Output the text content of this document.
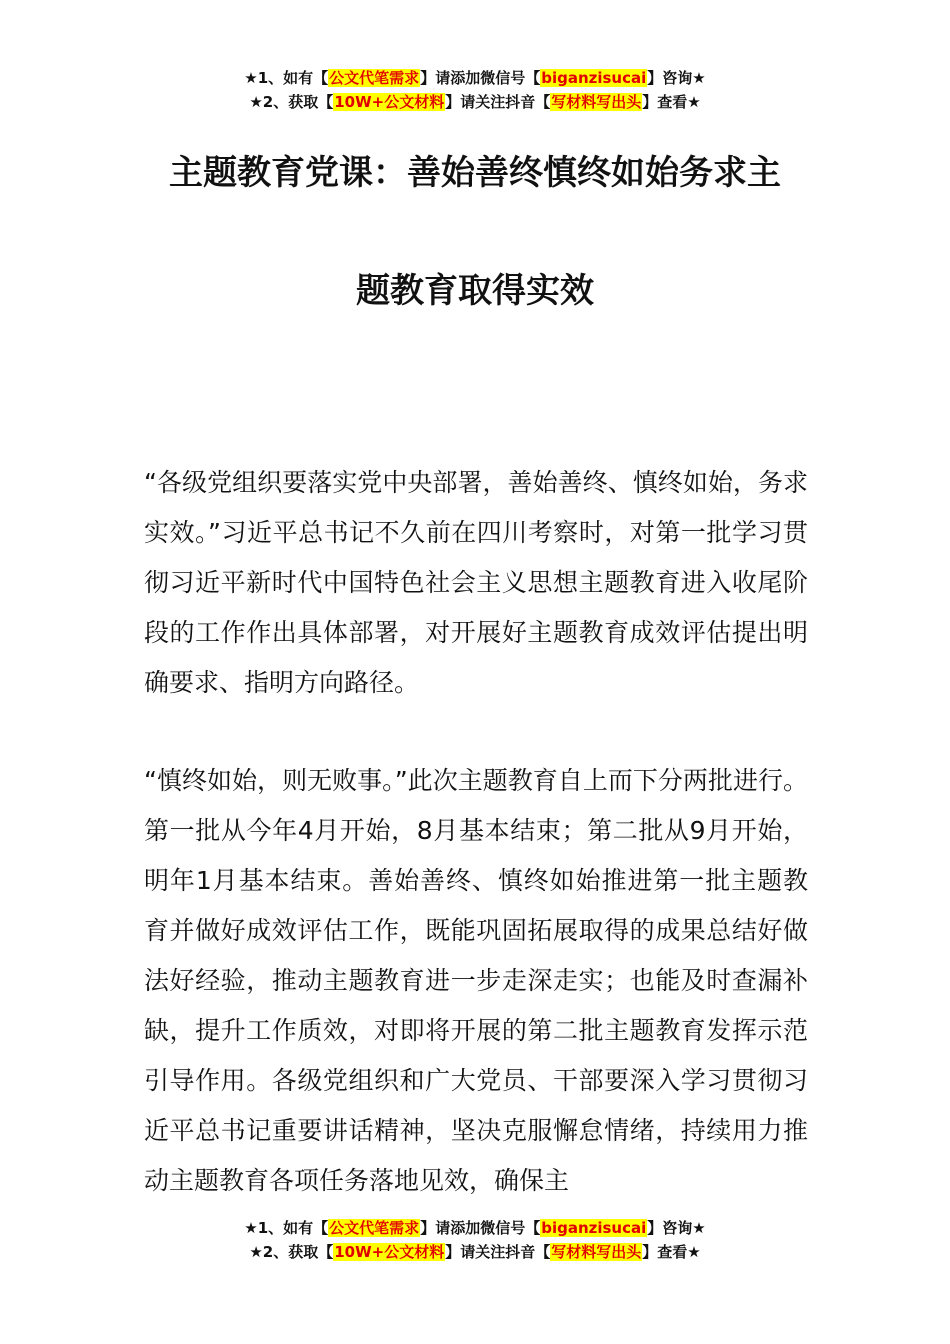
★1、如有【公文代笔需求】请添加微信号【biganzisucai】咨询★
★2、获取【10W+公文材料】请关注抖音【写材料写出头】查看★
主题教育党课：善始善终慎终如始务求主
题教育取得实效

“各级党组织要落实党中央部署，善始善终、慎终如始，务求实效。”习近平总书记不久前在四川考察时，对第一批学习贯彻习近平新时代中国特色社会主义思想主题教育进入收尾阶段的工作作出具体部署，对开展好主题教育成效评估提出明确要求、指明方向路径。

“慎终如始，则无败事。”此次主题教育自上而下分两批进行。第一批从今年4月开始，8月基本结束；第二批从9月开始，明年1月基本结束。善始善终、慎终如始推进第一批主题教育并做好成效评估工作，既能巩固拓展取得的成果总结好做法好经验，推动主题教育进一步走深走实；也能及时查漏补缺，提升工作质效，对即将开展的第二批主题教育发挥示范引导作用。各级党组织和广大党员、干部要深入学习贯彻习近平总书记重要讲话精神，坚决克服懈怠情绪，持续用力推动主题教育各项任务落地见效，确保主

★1、如有【公文代笔需求】请添加微信号【biganzisucai】咨询★
★2、获取【10W+公文材料】请关注抖音【写材料写出头】查看★
